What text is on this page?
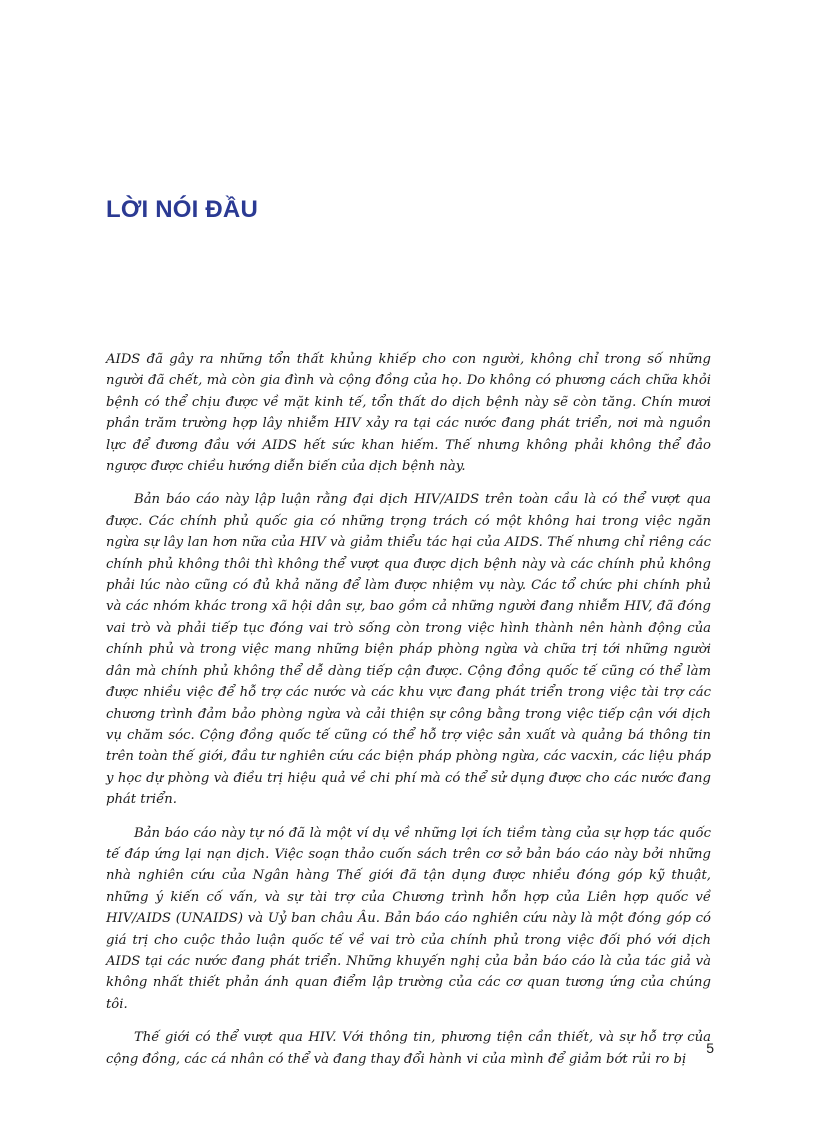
LỜI NÓI ĐẦU

AIDS đã gây ra những tổn thất khủng khiếp cho con người, không chỉ trong số những người đã chết, mà còn gia đình và cộng đồng của họ. Do không có phương cách chữa khỏi bệnh có thể chịu được về mặt kinh tế, tổn thất do dịch bệnh này sẽ còn tăng. Chín mươi phần trăm trường hợp lây nhiễm HIV xảy ra tại các nước đang phát triển, nơi mà nguồn lực để đương đầu với AIDS hết sức khan hiếm. Thế nhưng không phải không thể đảo ngược được chiều hướng diễn biến của dịch bệnh này.

Bản báo cáo này lập luận rằng đại dịch HIV/AIDS trên toàn cầu là có thể vượt qua được. Các chính phủ quốc gia có những trọng trách có một không hai trong việc ngăn ngừa sự lây lan hơn nữa của HIV và giảm thiểu tác hại của AIDS. Thế nhưng chỉ riêng các chính phủ không thôi thì không thể vượt qua được dịch bệnh này và các chính phủ không phải lúc nào cũng có đủ khả năng để làm được nhiệm vụ này. Các tổ chức phi chính phủ và các nhóm khác trong xã hội dân sự, bao gồm cả những người đang nhiễm HIV, đã đóng vai trò và phải tiếp tục đóng vai trò sống còn trong việc hình thành nên hành động của chính phủ và trong việc mang những biện pháp phòng ngừa và chữa trị tới những người dân mà chính phủ không thể dễ dàng tiếp cận được. Cộng đồng quốc tế cũng có thể làm được nhiều việc để hỗ trợ các nước và các khu vực đang phát triển trong việc tài trợ các chương trình đảm bảo phòng ngừa và cải thiện sự công bằng trong việc tiếp cận với dịch vụ chăm sóc. Cộng đồng quốc tế cũng có thể hỗ trợ việc sản xuất và quảng bá thông tin trên toàn thế giới, đầu tư nghiên cứu các biện pháp phòng ngừa, các vacxin, các liệu pháp y học dự phòng và điều trị hiệu quả về chi phí mà có thể sử dụng được cho các nước đang phát triển.

Bản báo cáo này tự nó đã là một ví dụ về những lợi ích tiềm tàng của sự hợp tác quốc tế đáp ứng lại nạn dịch. Việc soạn thảo cuốn sách trên cơ sở bản báo cáo này bởi những nhà nghiên cứu của Ngân hàng Thế giới đã tận dụng được nhiều đóng góp kỹ thuật, những ý kiến cố vấn, và sự tài trợ của Chương trình hỗn hợp của Liên hợp quốc về HIV/AIDS (UNAIDS) và Uỷ ban châu Âu. Bản báo cáo nghiên cứu này là một đóng góp có giá trị cho cuộc thảo luận quốc tế về vai trò của chính phủ trong việc đối phó với dịch AIDS tại các nước đang phát triển. Những khuyến nghị của bản báo cáo là của tác giả và không nhất thiết phản ánh quan điểm lập trường của các cơ quan tương ứng của chúng tôi.

Thế giới có thể vượt qua HIV. Với thông tin, phương tiện cần thiết, và sự hỗ trợ của cộng đồng, các cá nhân có thể và đang thay đổi hành vi của mình để giảm bớt rủi ro bị

5
